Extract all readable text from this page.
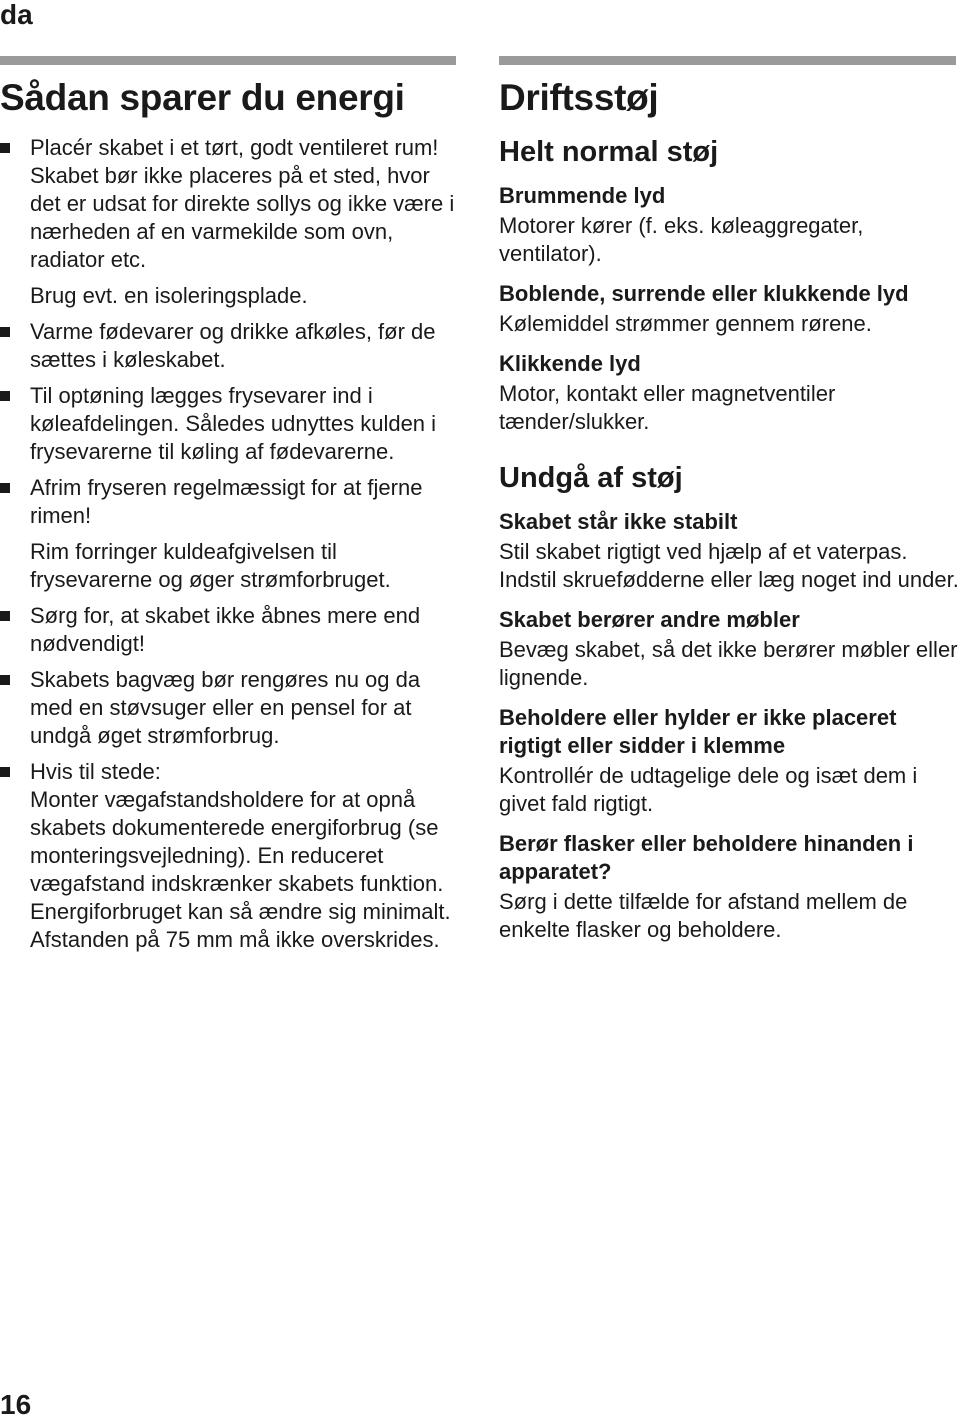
da
Sådan sparer du energi

Placér skabet i et tørt, godt ventileret rum! Skabet bør ikke placeres på et sted, hvor det er udsat for direkte sollys og ikke være i nærheden af en varmekilde som ovn, radiator etc.

Brug evt. en isoleringsplade.

Varme fødevarer og drikke afkøles, før de sættes i køleskabet.

Til optøning lægges frysevarer ind i køleafdelingen. Således udnyttes kulden i frysevarerne til køling af fødevarerne.

Afrim fryseren regelmæssigt for at fjerne rimen!

Rim forringer kuldeafgivelsen til frysevarerne og øger strømforbruget.

Sørg for, at skabet ikke åbnes mere end nødvendigt!

Skabets bagvæg bør rengøres nu og da med en støvsuger eller en pensel for at undgå øget strømforbrug.

Hvis til stede:

Monter vægafstandsholdere for at opnå skabets dokumenterede energiforbrug (se monteringsvejledning). En reduceret vægafstand indskrænker skabets funktion. Energiforbruget kan så ændre sig minimalt. Afstanden på 75 mm må ikke overskrides.

Driftsstøj
Helt normal støj
Brummende lyd

Motorer kører (f. eks. køleaggregater, ventilator).

Boblende, surrende eller klukkende lyd

Kølemiddel strømmer gennem rørene.

Klikkende lyd

Motor, kontakt eller magnetventiler tænder/slukker.

Undgå af støj
Skabet står ikke stabilt

Stil skabet rigtigt ved hjælp af et vaterpas. Indstil skruefødderne eller læg noget ind under.

Skabet berører andre møbler

Bevæg skabet, så det ikke berører møbler eller lignende.

Beholdere eller hylder er ikke placeret rigtigt eller sidder i klemme

Kontrollér de udtagelige dele og isæt dem i givet fald rigtigt.

Berør flasker eller beholdere hinanden i apparatet?

Sørg i dette tilfælde for afstand mellem de enkelte flasker og beholdere.

16
